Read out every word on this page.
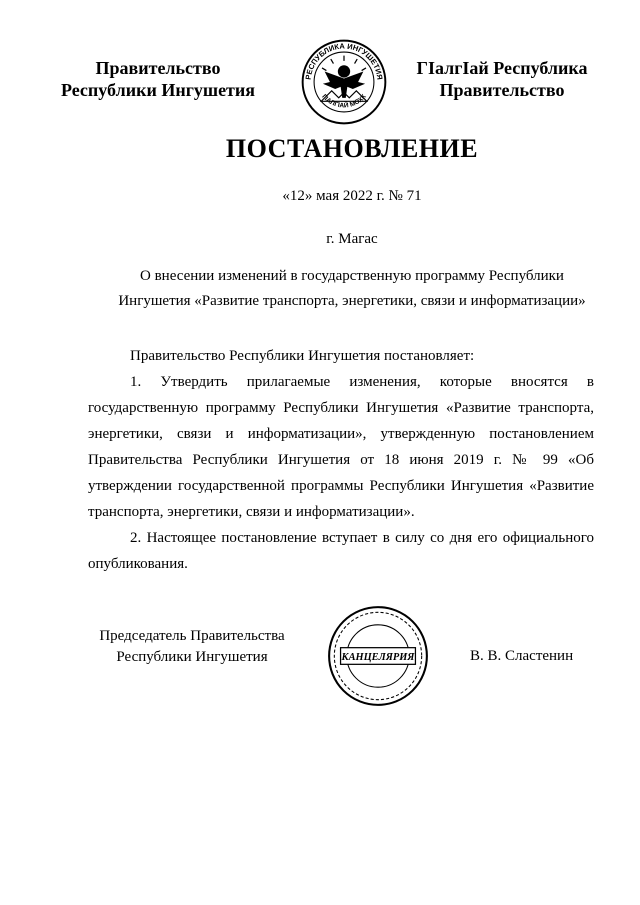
Правительство
Республики Ингушетия
РЕСПУБЛИКА ИНГУШЕТИЯ
ГIАЛГIАЙ МОХК
ГIалгIай Республика
Правительство
ПОСТАНОВЛЕНИЕ
«12» мая 2022 г. № 71
г. Магас
О внесении изменений в государственную программу Республики
Ингушетия «Развитие транспорта, энергетики, связи и информатизации»

Правительство Республики Ингушетия постановляет:

1. Утвердить прилагаемые изменения, которые вносятся в государственную программу Республики Ингушетия «Развитие транспорта, энергетики, связи и информатизации», утвержденную постановлением Правительства Республики Ингушетия от 18 июня 2019 г. № 99 «Об утверждении государственной программы Республики Ингушетия «Развитие транспорта, энергетики, связи и информатизации».

2. Настоящее постановление вступает в силу со дня его официального опубликования.

Председатель Правительства
Республики Ингушетия	КАНЦЕЛЯРИЯ	В. В. Сластенин
